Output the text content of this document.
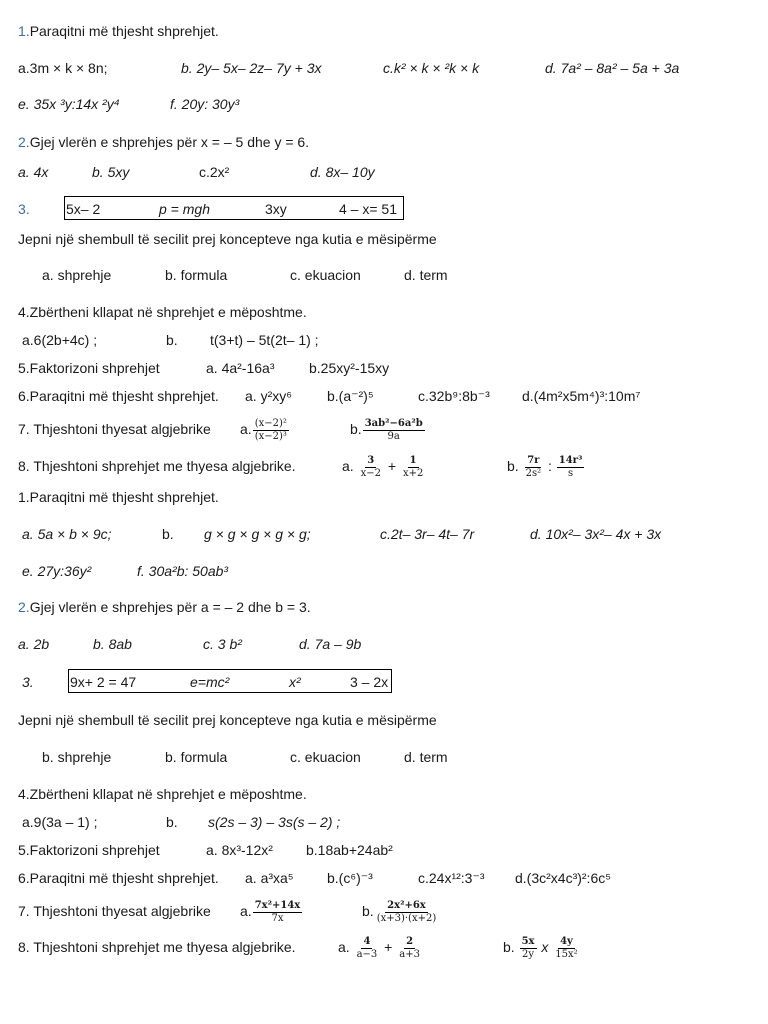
1.Paraqitni më thjesht shprehjet.
a.3m × k × 8n;	b. 2y– 5x– 2z– 7y + 3x	c.k² × k × ²k × k	d. 7a² – 8a² – 5a + 3a
e. 35x ³y:14x ²y⁴	f. 20y: 30y³
2.Gjej vlerën e shprehjes për x = – 5 dhe y = 6.
a. 4x	b. 5xy	c.2x²	d. 8x– 10y
3.	5x– 2	p = mgh	3xy	4 – x= 51
Jepni një shembull të secilit prej koncepteve nga kutia e mësipërme
a. shprehje	b. formula	c. ekuacion	d. term
4.Zbërtheni kllapat në shprehjet e mëposhtme.
a.6(2b+4c) ;	b. t(3+t) – 5t(2t– 1) ;
5.Faktorizoni shprehjet	a. 4a²-16a³ b.25xy²-15xy
6.Paraqitni më thjesht shprehjet. a. y²xy⁶	b.(a⁻²)⁵	c.32b⁹:8b⁻³ d.(4m²x5m⁴)³:10m⁷
7. Thjeshtoni thyesat algjebrike a. $\frac{\text{(x−2)²}}{\text{(x−2)³}}$	b. $\frac{\text{3ab²−6a²b}}{9a}$
8. Thjeshtoni shprehjet me thyesa algjebrike.	a. $\frac{3}{x-2} + \frac{1}{x+2}$	b. $\frac{7r}{\text{2s²}}$ : $\frac{\text{14r³}}{s}$
1.Paraqitni më thjesht shprehjet.
a. 5a × b × 9c;	b. g × g × g × g × g;	c.2t– 3r– 4t– 7r	d. 10x²– 3x²– 4x + 3x
e. 27y:36y²	f. 30a²b: 50ab³
2.Gjej vlerën e shprehjes për a = – 2 dhe b = 3.
a. 2b	b. 8ab	c. 3 b²	d. 7a – 9b
3.	9x+ 2 = 47	e=mc²	x²	3 – 2x
Jepni një shembull të secilit prej koncepteve nga kutia e mësipërme
b. shprehje	b. formula	c. ekuacion	d. term
4.Zbërtheni kllapat në shprehjet e mëposhtme.
a.9(3a – 1) ;	b. s(2s – 3) – 3s(s – 2) ;
5.Faktorizoni shprehjet	a. 8x³-12x² b.18ab+24ab²
6.Paraqitni më thjesht shprehjet. a. a³xa⁵ b.(c⁶)⁻³	c.24x¹²:3⁻³ d.(3c²x4c³)²:6c⁵
7. Thjeshtoni thyesat algjebrike a. $\frac{\text{7x²+14x}}{7x}$	b. $\frac{\text{2x²+6x}}{(x+3)\cdot(x+2)}$
8. Thjeshtoni shprehjet me thyesa algjebrike.	a. $\frac{4}{a-3} + \frac{2}{a+3}$	b. $\frac{5x}{2y}$ x $\frac{4y}{\text{15x²}}$
